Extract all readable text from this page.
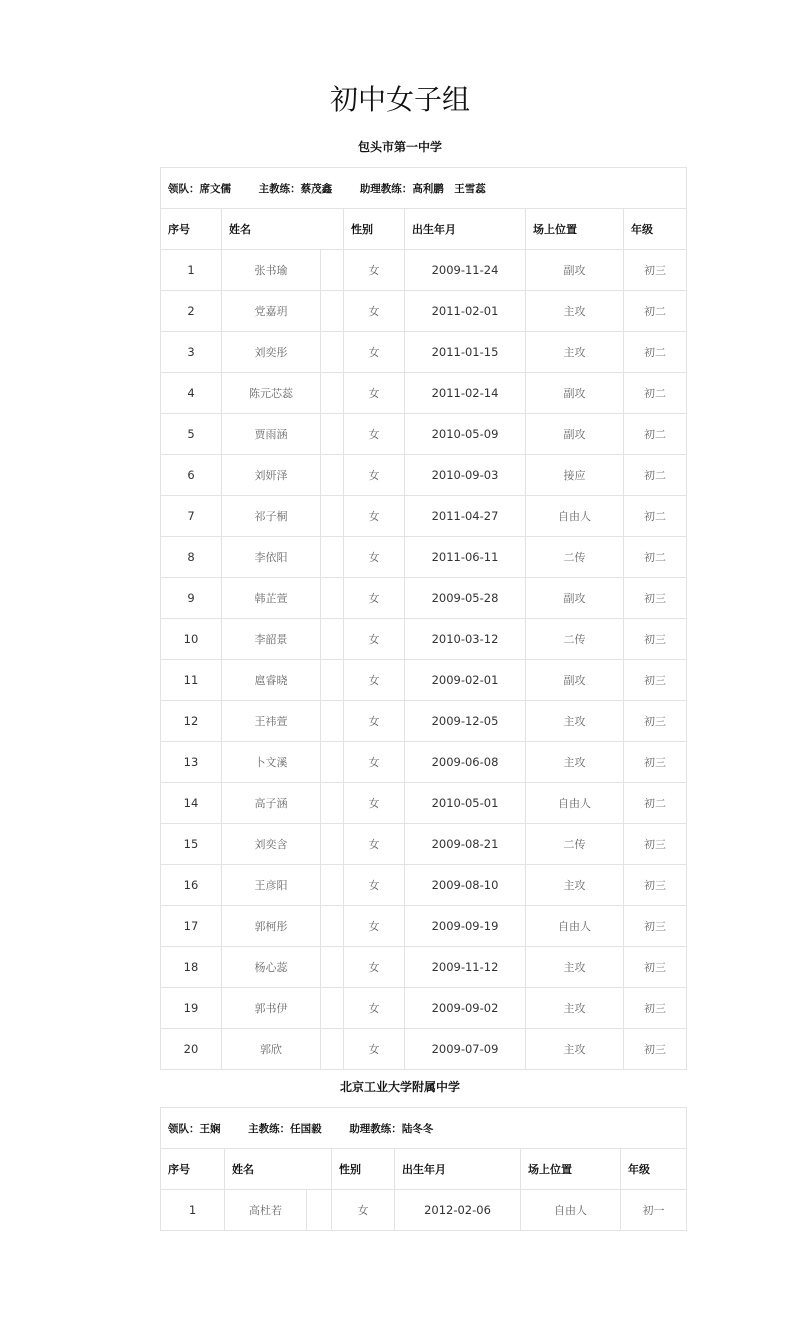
初中女子组
包头市第一中学
领队：席文儒 主教练：蔡茂鑫 助理教练：高利鹏　王雪蕊						
序号	姓名		性别	出生年月	场上位置	年级
1	张书瑜		女	2009-11-24	副攻	初三
2	党嘉玥		女	2011-02-01	主攻	初二
3	刘奕彤		女	2011-01-15	主攻	初二
4	陈元芯蕊		女	2011-02-14	副攻	初二
5	贾雨涵		女	2010-05-09	副攻	初二
6	刘妍泽		女	2010-09-03	接应	初二
7	祁子桐		女	2011-04-27	自由人	初二
8	李依阳		女	2011-06-11	二传	初二
9	韩芷萱		女	2009-05-28	副攻	初三
10	李韶景		女	2010-03-12	二传	初三
11	扈睿晓		女	2009-02-01	副攻	初三
12	王祎萱		女	2009-12-05	主攻	初三
13	卜文溪		女	2009-06-08	主攻	初三
14	高子涵		女	2010-05-01	自由人	初二
15	刘奕含		女	2009-08-21	二传	初三
16	王彦阳		女	2009-08-10	主攻	初三
17	郭柯彤		女	2009-09-19	自由人	初三
18	杨心蕊		女	2009-11-12	主攻	初三
19	郭书伊		女	2009-09-02	主攻	初三
20	郭欣		女	2009-07-09	主攻	初三
北京工业大学附属中学
领队：王娴 主教练：任国毅 助理教练：陆冬冬						
序号	姓名		性别	出生年月	场上位置	年级
1	高杜若		女	2012-02-06	自由人	初一
